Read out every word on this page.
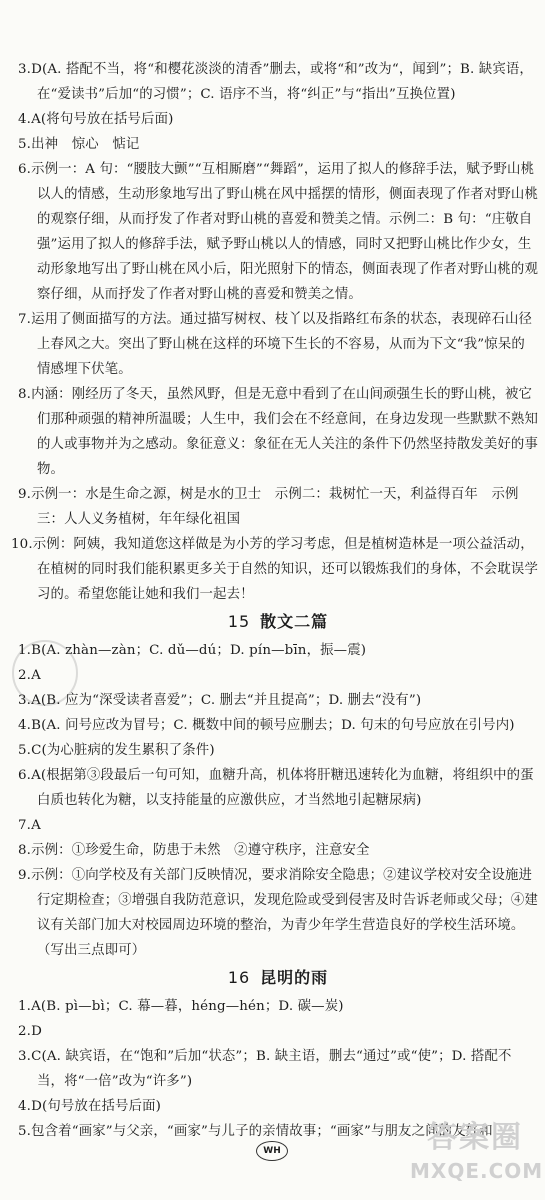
3.D(A. 搭配不当，将“和樱花淡淡的清香”删去，或将“和”改为“，闻到”；B. 缺宾语，在“爱读书”后加“的习惯”；C. 语序不当，将“纠正”与“指出”互换位置)
4.A(将句号放在括号后面)
5.出神　惊心　惦记
6.示例一：A 句：“腰肢大颤”“互相厮磨”“舞蹈”，运用了拟人的修辞手法，赋予野山桃以人的情感，生动形象地写出了野山桃在风中摇摆的情形，侧面表现了作者对野山桃的观察仔细，从而抒发了作者对野山桃的喜爱和赞美之情。示例二：B 句：“庄敬自强”运用了拟人的修辞手法，赋予野山桃以人的情感，同时又把野山桃比作少女，生动形象地写出了野山桃在风小后，阳光照射下的情态，侧面表现了作者对野山桃的观察仔细，从而抒发了作者对野山桃的喜爱和赞美之情。
7.运用了侧面描写的方法。通过描写树杈、枝丫以及指路红布条的状态，表现碎石山径上春风之大。突出了野山桃在这样的环境下生长的不容易，从而为下文“我”惊呆的情感埋下伏笔。
8.内涵：刚经历了冬天，虽然风野，但是无意中看到了在山间顽强生长的野山桃，被它们那种顽强的精神所温暖；人生中，我们会在不经意间，在身边发现一些默默不熟知的人或事物并为之感动。象征意义：象征在无人关注的条件下仍然坚持散发美好的事物。
9.示例一：水是生命之源，树是水的卫士　示例二：栽树忙一天，利益得百年　示例三：人人义务植树，年年绿化祖国
10.示例：阿姨，我知道您这样做是为小芳的学习考虑，但是植树造林是一项公益活动，在植树的同时我们能积累更多关于自然的知识，还可以锻炼我们的身体，不会耽误学习的。希望您能让她和我们一起去！
15 散文二篇
1.B(A. zhàn—zàn；C. dǔ—dú；D. pín—bīn，振—震)
2.A
3.A(B. 应为“深受读者喜爱”；C. 删去“并且提高”；D. 删去“没有”)
4.B(A. 问号应改为冒号；C. 概数中间的顿号应删去；D. 句末的句号应放在引号内)
5.C(为心脏病的发生累积了条件)
6.A(根据第③段最后一句可知，血糖升高，机体将肝糖迅速转化为血糖，将组织中的蛋白质也转化为糖，以支持能量的应激供应，才当然地引起糖尿病)
7.A
8.示例：①珍爱生命，防患于未然　②遵守秩序，注意安全
9.示例：①向学校及有关部门反映情况，要求消除安全隐患；②建议学校对安全设施进行定期检查；③增强自我防范意识，发现危险或受到侵害及时告诉老师或父母；④建议有关部门加大对校园周边环境的整治，为青少年学生营造良好的学校生活环境。（写出三点即可）
16 昆明的雨
1.A(B. pì—bì；C. 幕—暮，héng—hén；D. 碳—炭)
2.D
3.C(A. 缺宾语，在“饱和”后加“状态”；B. 缺主语，删去“通过”或“使”；D. 搭配不当，将“一倍”改为“许多”)
4.D(句号放在括号后面)
5.包含着“画家”与父亲，“画家”与儿子的亲情故事；“画家”与朋友之间的友好和
WH	答案圈
MXQE.COM
